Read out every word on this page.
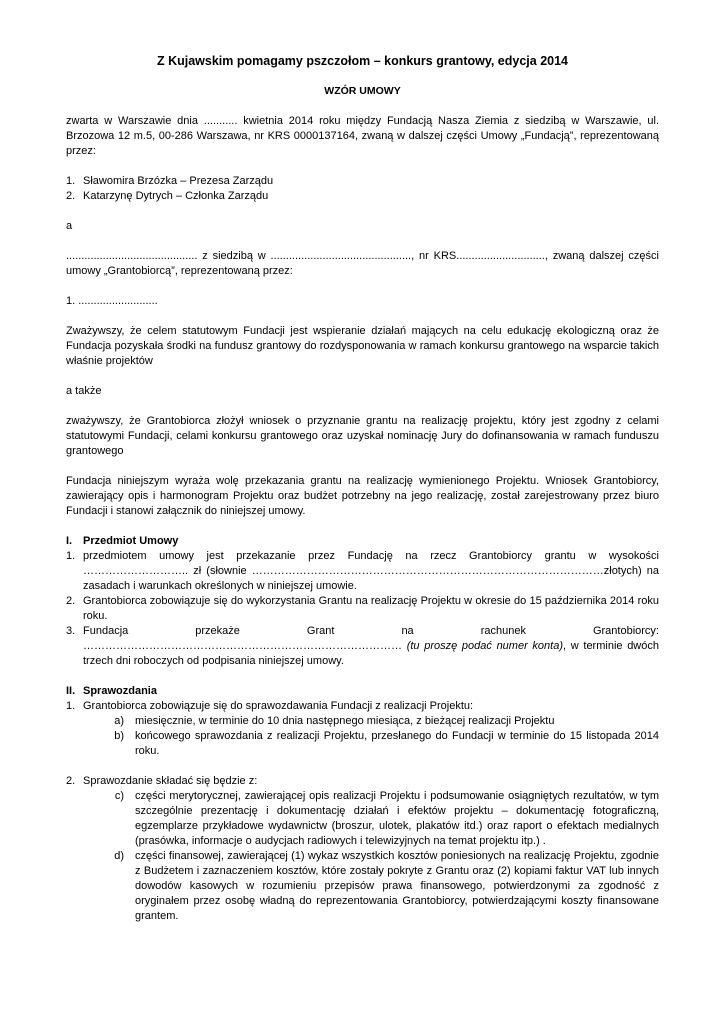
Z Kujawskim pomagamy pszczołom – konkurs grantowy, edycja 2014
WZÓR UMOWY

zwarta w Warszawie dnia ........... kwietnia 2014 roku między Fundacją Nasza Ziemia z siedzibą w Warszawie, ul. Brzozowa 12 m.5, 00-286 Warszawa, nr KRS 0000137164, zwaną w dalszej części Umowy „Fundacją”, reprezentowaną przez:

1. Sławomira Brzózka – Prezesa Zarządu
2. Katarzynę Dytrych – Członka Zarządu

a

........................................... z siedzibą w .............................................., nr KRS............................., zwaną dalszej części umowy „Grantobiorcą”, reprezentowaną przez:

1. ..........................

Zważywszy, że celem statutowym Fundacji jest wspieranie działań mających na celu edukację ekologiczną oraz że Fundacja pozyskała środki na fundusz grantowy do rozdysponowania w ramach konkursu grantowego na wsparcie takich właśnie projektów

a także

zważywszy, że Grantobiorca złożył wniosek o przyznanie grantu na realizację projektu, który jest zgodny z celami statutowymi Fundacji, celami konkursu grantowego oraz uzyskał nominację Jury do dofinansowania w ramach funduszu grantowego

Fundacja niniejszym wyraża wolę przekazania grantu na realizację wymienionego Projektu. Wniosek Grantobiorcy, zawierający opis i harmonogram Projektu oraz budżet potrzebny na jego realizację, został zarejestrowany przez biuro Fundacji i stanowi załącznik do niniejszej umowy.

I. Przedmiot Umowy
1. przedmiotem umowy jest przekazanie przez Fundację na rzecz Grantobiorcy grantu w wysokości ……………………….. zł (słownie ……………………………………………………………………………………złotych) na zasadach i warunkach określonych w niniejszej umowie.
2. Grantobiorca zobowiązuje się do wykorzystania Grantu na realizację Projektu w okresie do 15 października 2014 roku roku.
3. Fundacja przekaże Grant na rachunek Grantobiorcy: …………………………………………………………………………… (tu proszę podać numer konta), w terminie dwóch trzech dni roboczych od podpisania niniejszej umowy.
II. Sprawozdania
1. Grantobiorca zobowiązuje się do sprawozdawania Fundacji z realizacji Projektu:
a)	miesięcznie, w terminie do 10 dnia następnego miesiąca, z bieżącej realizacji Projektu
b)	końcowego sprawozdania z realizacji Projektu, przesłanego do Fundacji w terminie do 15 listopada 2014 roku.
2. Sprawozdanie składać się będzie z:
c)	części merytorycznej, zawierającej opis realizacji Projektu i podsumowanie osiągniętych rezultatów, w tym szczególnie prezentację i dokumentację działań i efektów projektu – dokumentację fotograficzną, egzemplarze przykładowe wydawnictw (broszur, ulotek, plakatów itd.) oraz raport o efektach medialnych (prasówka, informacje o audycjach radiowych i telewizyjnych na temat projektu itp.) .
d)	części finansowej, zawierającej (1) wykaz wszystkich kosztów poniesionych na realizację Projektu, zgodnie z Budżetem i zaznaczeniem kosztów, które zostały pokryte z Grantu oraz (2) kopiami faktur VAT lub innych dowodów kasowych w rozumieniu przepisów prawa finansowego, potwierdzonymi za zgodność z oryginałem przez osobę władną do reprezentowania Grantobiorcy, potwierdzającymi koszty finansowane grantem.
